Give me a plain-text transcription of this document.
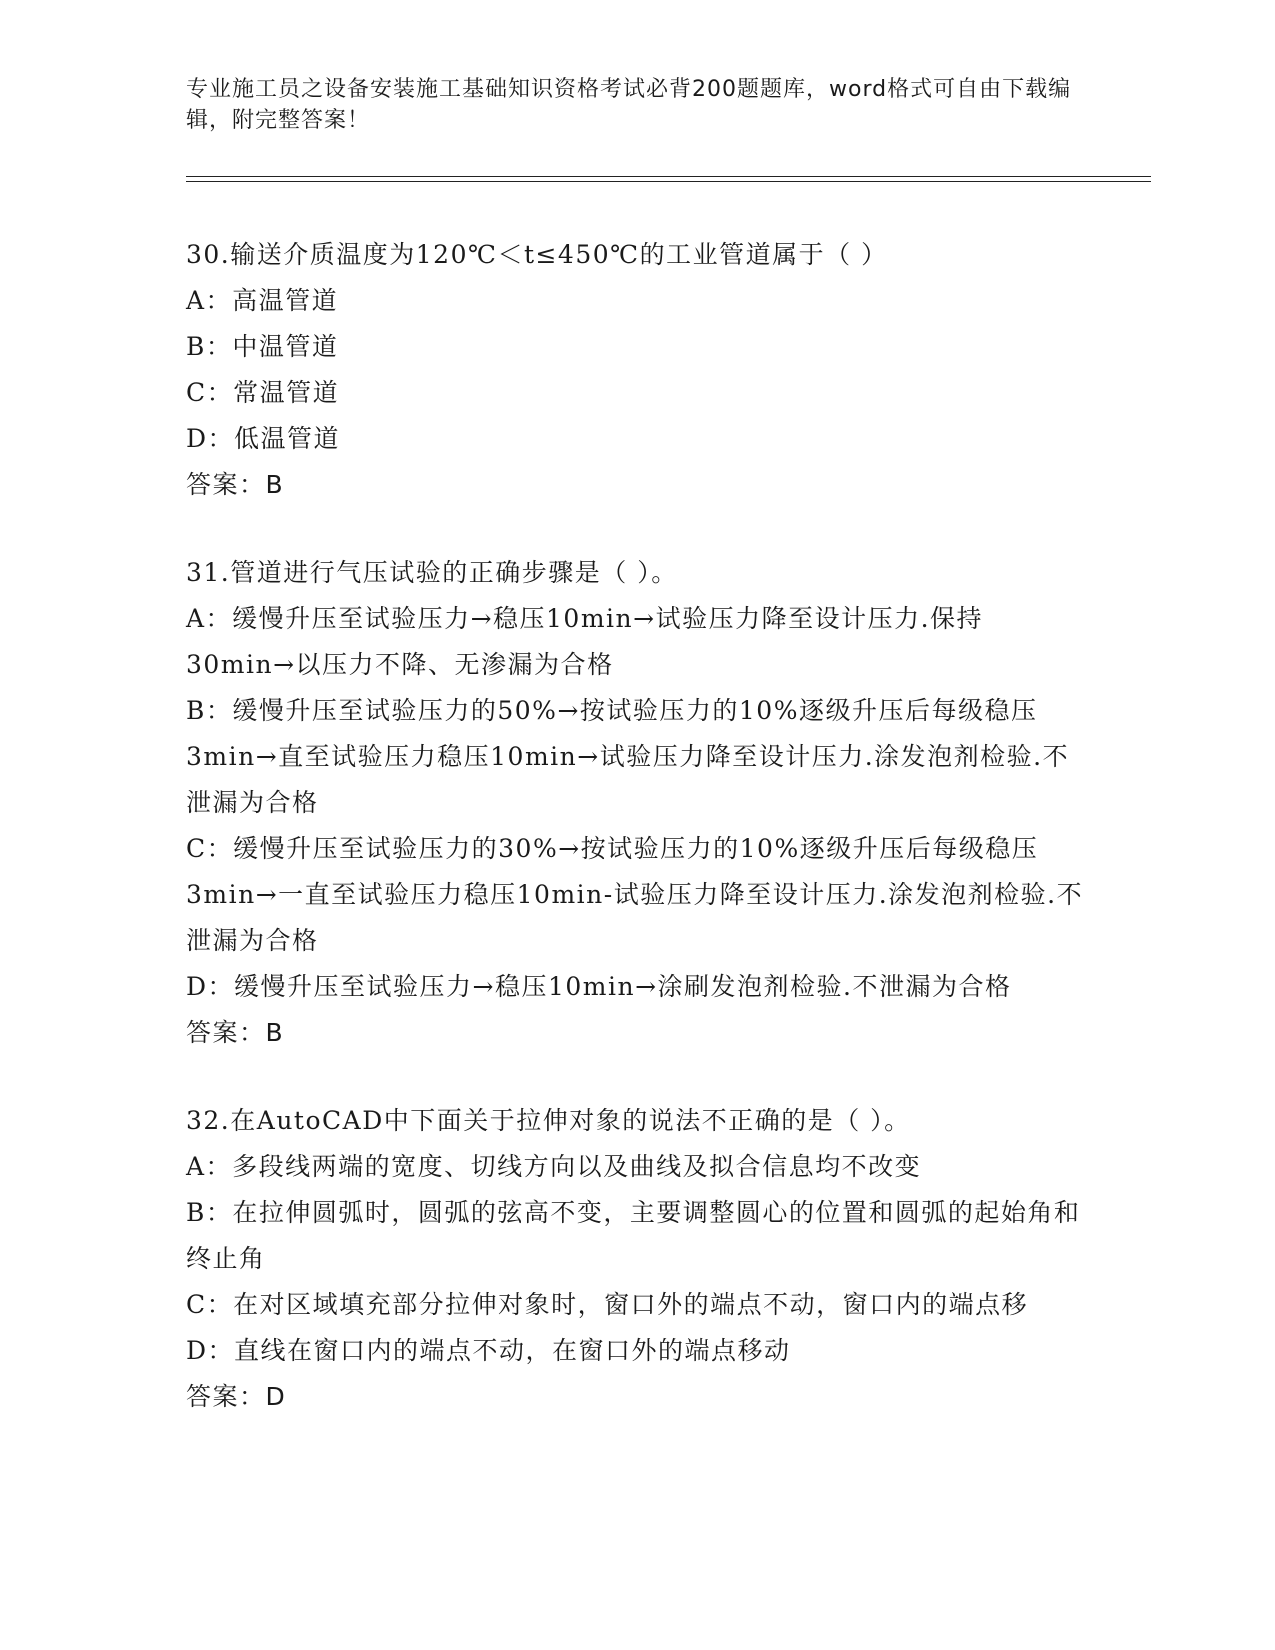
专业施工员之设备安装施工基础知识资格考试必背200题题库，word格式可自由下载编辑，附完整答案！
30.输送介质温度为120℃＜t≤450℃的工业管道属于（ ）
A：高温管道
B：中温管道
C：常温管道
D：低温管道
答案：B
31.管道进行气压试验的正确步骤是（ ）。
A：缓慢升压至试验压力→稳压10min→试验压力降至设计压力.保持30min→以压力不降、无渗漏为合格
B：缓慢升压至试验压力的50%→按试验压力的10%逐级升压后每级稳压3min→直至试验压力稳压10min→试验压力降至设计压力.涂发泡剂检验.不泄漏为合格
C：缓慢升压至试验压力的30%→按试验压力的10%逐级升压后每级稳压3min→一直至试验压力稳压10min-试验压力降至设计压力.涂发泡剂检验.不泄漏为合格
D：缓慢升压至试验压力→稳压10min→涂刷发泡剂检验.不泄漏为合格
答案：B
32.在AutoCAD中下面关于拉伸对象的说法不正确的是（ ）。
A：多段线两端的宽度、切线方向以及曲线及拟合信息均不改变
B：在拉伸圆弧时，圆弧的弦高不变，主要调整圆心的位置和圆弧的起始角和终止角
C：在对区域填充部分拉伸对象时，窗口外的端点不动，窗口内的端点移
D：直线在窗口内的端点不动，在窗口外的端点移动
答案：D
